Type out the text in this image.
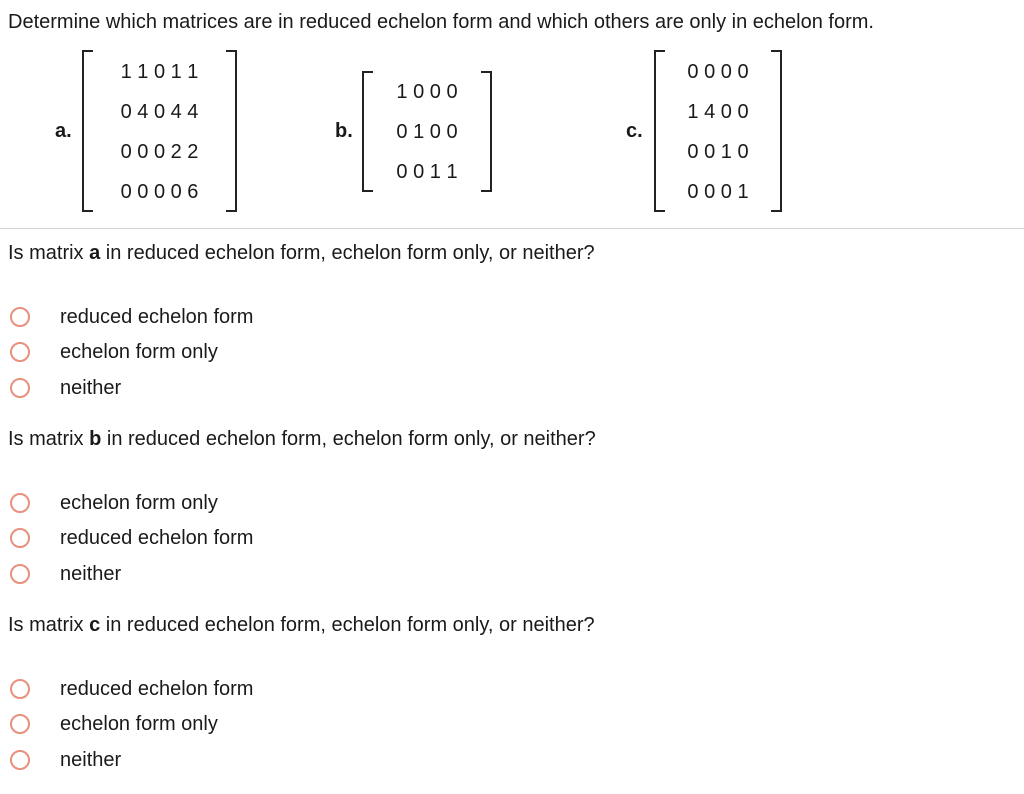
Determine which matrices are in reduced echelon form and which others are only in echelon form.
a.
1 1 0 1 1
0 4 0 4 4
0 0 0 2 2
0 0 0 0 6
b.
1 0 0 0
0 1 0 0
0 0 1 1
c.
0 0 0 0
1 4 0 0
0 0 1 0
0 0 0 1
Is matrix a in reduced echelon form, echelon form only, or neither?
reduced echelon form
echelon form only
neither
Is matrix b in reduced echelon form, echelon form only, or neither?
echelon form only
reduced echelon form
neither
Is matrix c in reduced echelon form, echelon form only, or neither?
reduced echelon form
echelon form only
neither
